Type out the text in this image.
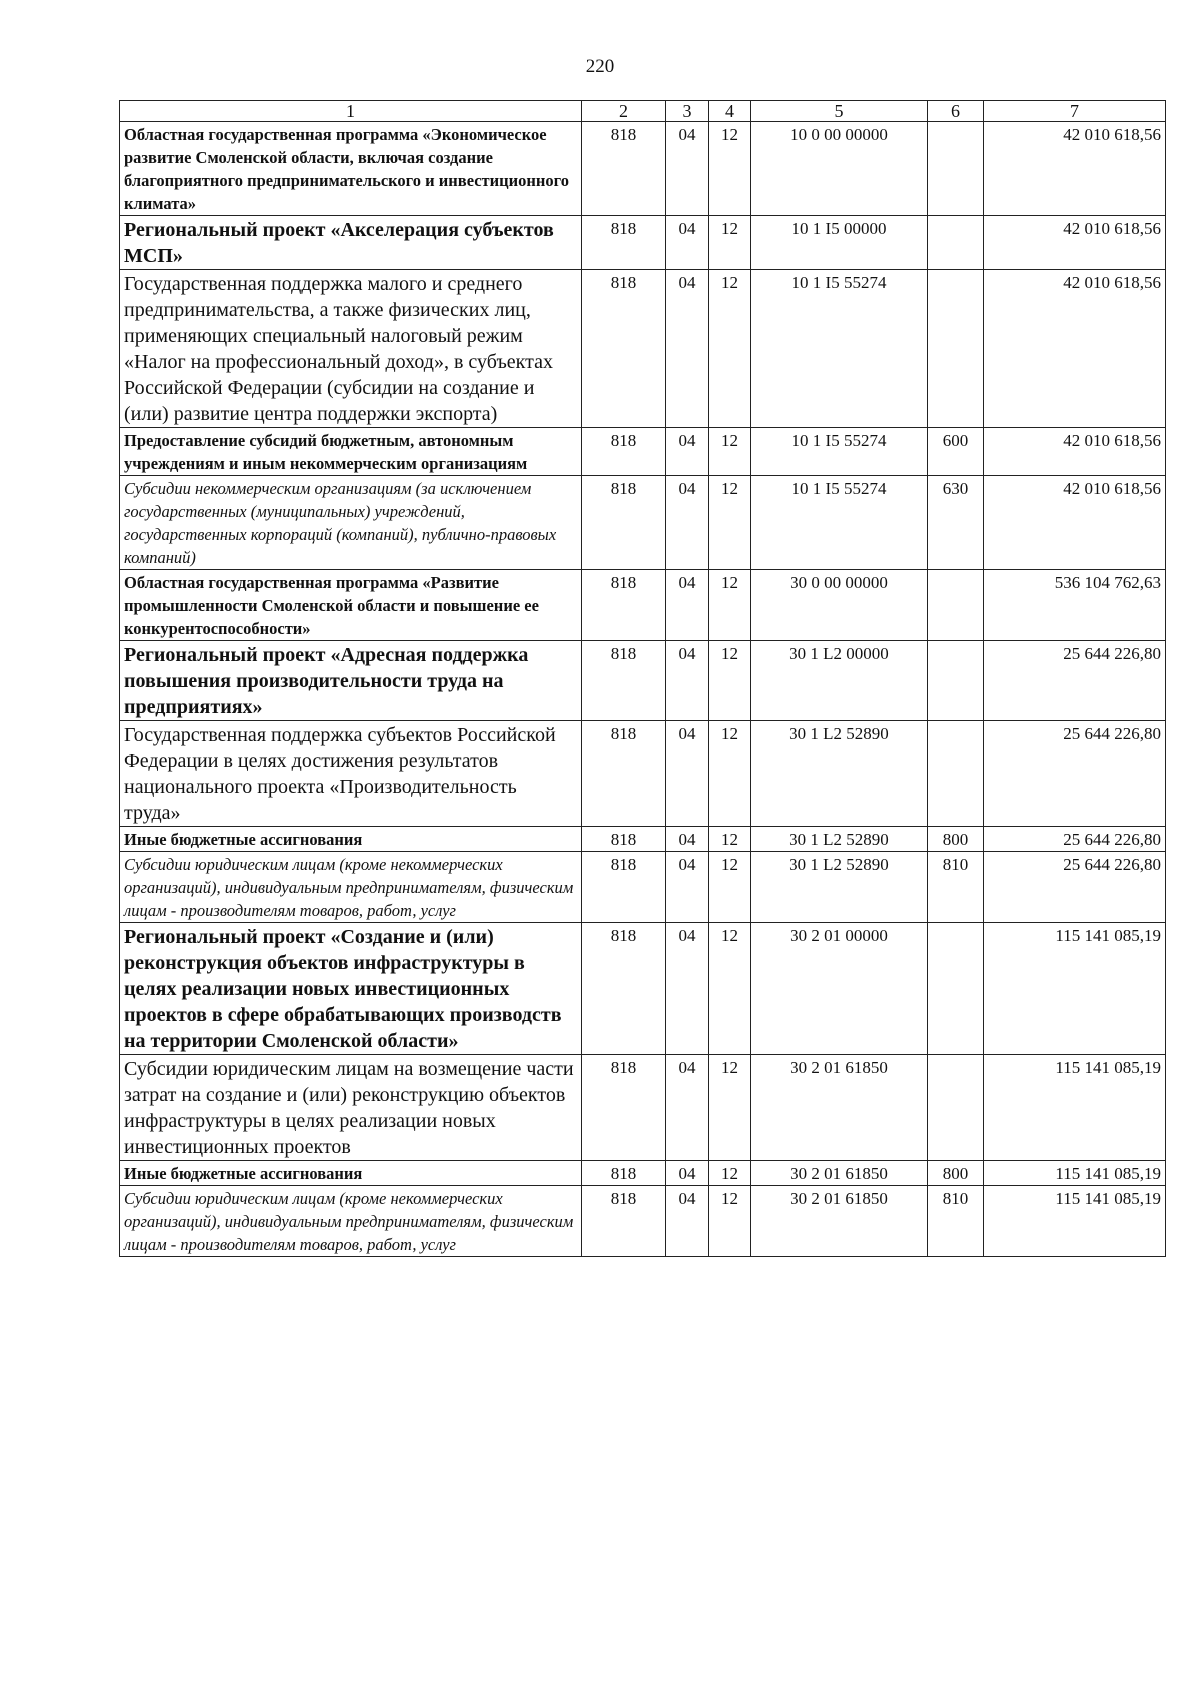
220
1	2	3	4	5	6	7
Областная государственная программа «Экономическое развитие Смоленской области, включая создание благоприятного предпринимательского и инвестиционного климата»	818	04	12	10 0 00 00000		42 010 618,56
Региональный проект «Акселерация субъектов МСП»	818	04	12	10 1 I5 00000		42 010 618,56
Государственная поддержка малого и среднего предпринимательства, а также физических лиц, применяющих специальный налоговый режим «Налог на профессиональный доход», в субъектах Российской Федерации (субсидии на создание и (или) развитие центра поддержки экспорта)	818	04	12	10 1 I5 55274		42 010 618,56
Предоставление субсидий бюджетным, автономным учреждениям и иным некоммерческим организациям	818	04	12	10 1 I5 55274	600	42 010 618,56
Субсидии некоммерческим организациям (за исключением государственных (муниципальных) учреждений, государственных корпораций (компаний), публично-правовых компаний)	818	04	12	10 1 I5 55274	630	42 010 618,56
Областная государственная программа «Развитие промышленности Смоленской области и повышение ее конкурентоспособности»	818	04	12	30 0 00 00000		536 104 762,63
Региональный проект «Адресная поддержка повышения производительности труда на предприятиях»	818	04	12	30 1 L2 00000		25 644 226,80
Государственная поддержка субъектов Российской Федерации в целях достижения результатов национального проекта «Производительность труда»	818	04	12	30 1 L2 52890		25 644 226,80
Иные бюджетные ассигнования	818	04	12	30 1 L2 52890	800	25 644 226,80
Субсидии юридическим лицам (кроме некоммерческих организаций), индивидуальным предпринимателям, физическим лицам - производителям товаров, работ, услуг	818	04	12	30 1 L2 52890	810	25 644 226,80
Региональный проект «Создание и (или) реконструкция объектов инфраструктуры в целях реализации новых инвестиционных проектов в сфере обрабатывающих производств на территории Смоленской области»	818	04	12	30 2 01 00000		115 141 085,19
Субсидии юридическим лицам на возмещение части затрат на создание и (или) реконструкцию объектов инфраструктуры в целях реализации новых инвестиционных проектов	818	04	12	30 2 01 61850		115 141 085,19
Иные бюджетные ассигнования	818	04	12	30 2 01 61850	800	115 141 085,19
Субсидии юридическим лицам (кроме некоммерческих организаций), индивидуальным предпринимателям, физическим лицам - производителям товаров, работ, услуг	818	04	12	30 2 01 61850	810	115 141 085,19
